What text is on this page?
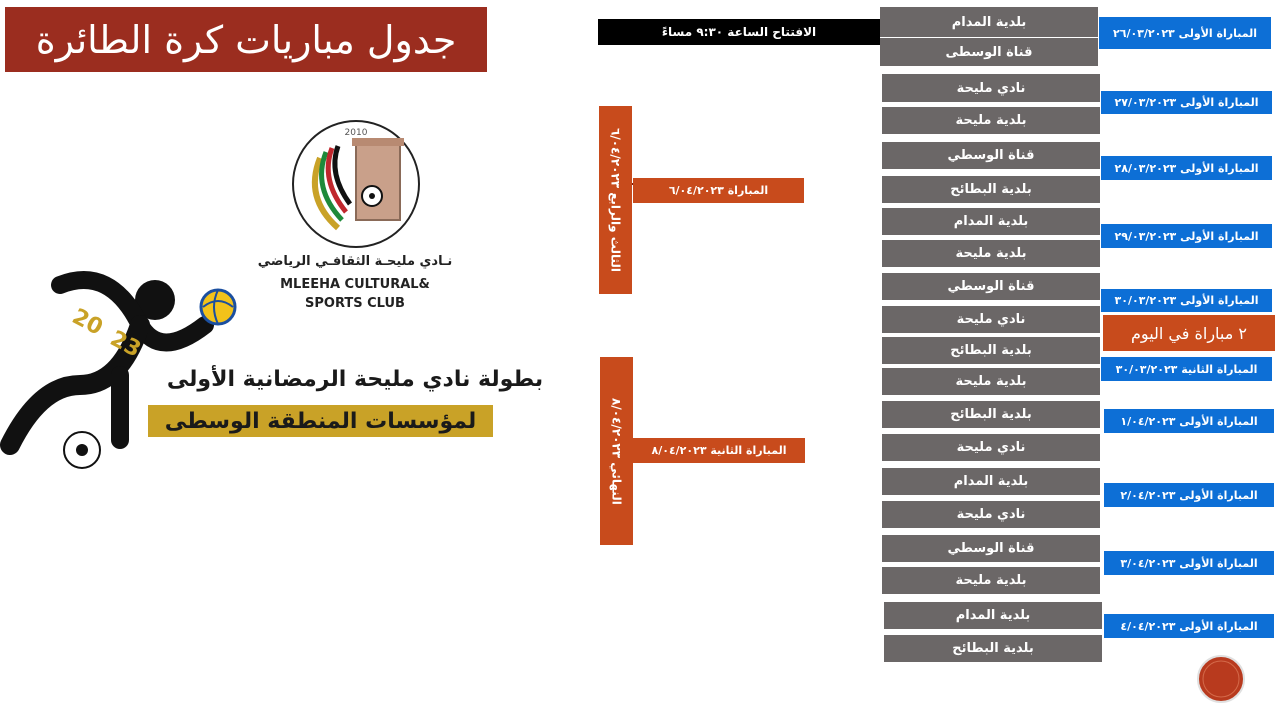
جدول مباريات كرة الطائرة
2010
نـادي مليحـة الثقافـي الرياضي
MLEEHA CULTURAL&
SPORTS CLUB
20
23
بطولة نادي مليحة الرمضانية الأولى
لمؤسسات المنطقة الوسطى
الافتتاح الساعة ٩:٣٠ مساءً
الثالث والرابع ٦/٠٤/٢٠٢٣	المباراة ٦/٠٤/٢٠٢٣
النهائي ٨/٠٤/٢٠٢٣
المباراة الثانية ٨/٠٤/٢٠٢٣
بلدية المدام
قناة الوسطى
نادي مليحة
بلدية مليحة
قناة الوسطي
بلدية البطائح
بلدية المدام
بلدية مليحة
قناة الوسطي
نادي مليحة
بلدية البطائح
بلدية مليحة
بلدية البطائح
نادي مليحة
بلدية المدام
نادي مليحة
قناة الوسطي
بلدية مليحة
بلدية المدام
بلدية البطائح
المباراة الأولى ٢٦/٠٣/٢٠٢٣
المباراة الأولى ٢٧/٠٣/٢٠٢٣
المباراة الأولى ٢٨/٠٣/٢٠٢٣
المباراة الأولى ٢٩/٠٣/٢٠٢٣
المباراة الأولى ٣٠/٠٣/٢٠٢٣
المباراة الثانية ٣٠/٠٣/٢٠٢٣
المباراة الأولى ١/٠٤/٢٠٢٣
المباراة الأولى ٢/٠٤/٢٠٢٣
المباراة الأولى ٣/٠٤/٢٠٢٣
المباراة الأولى ٤/٠٤/٢٠٢٣
٢ مباراة في اليوم
